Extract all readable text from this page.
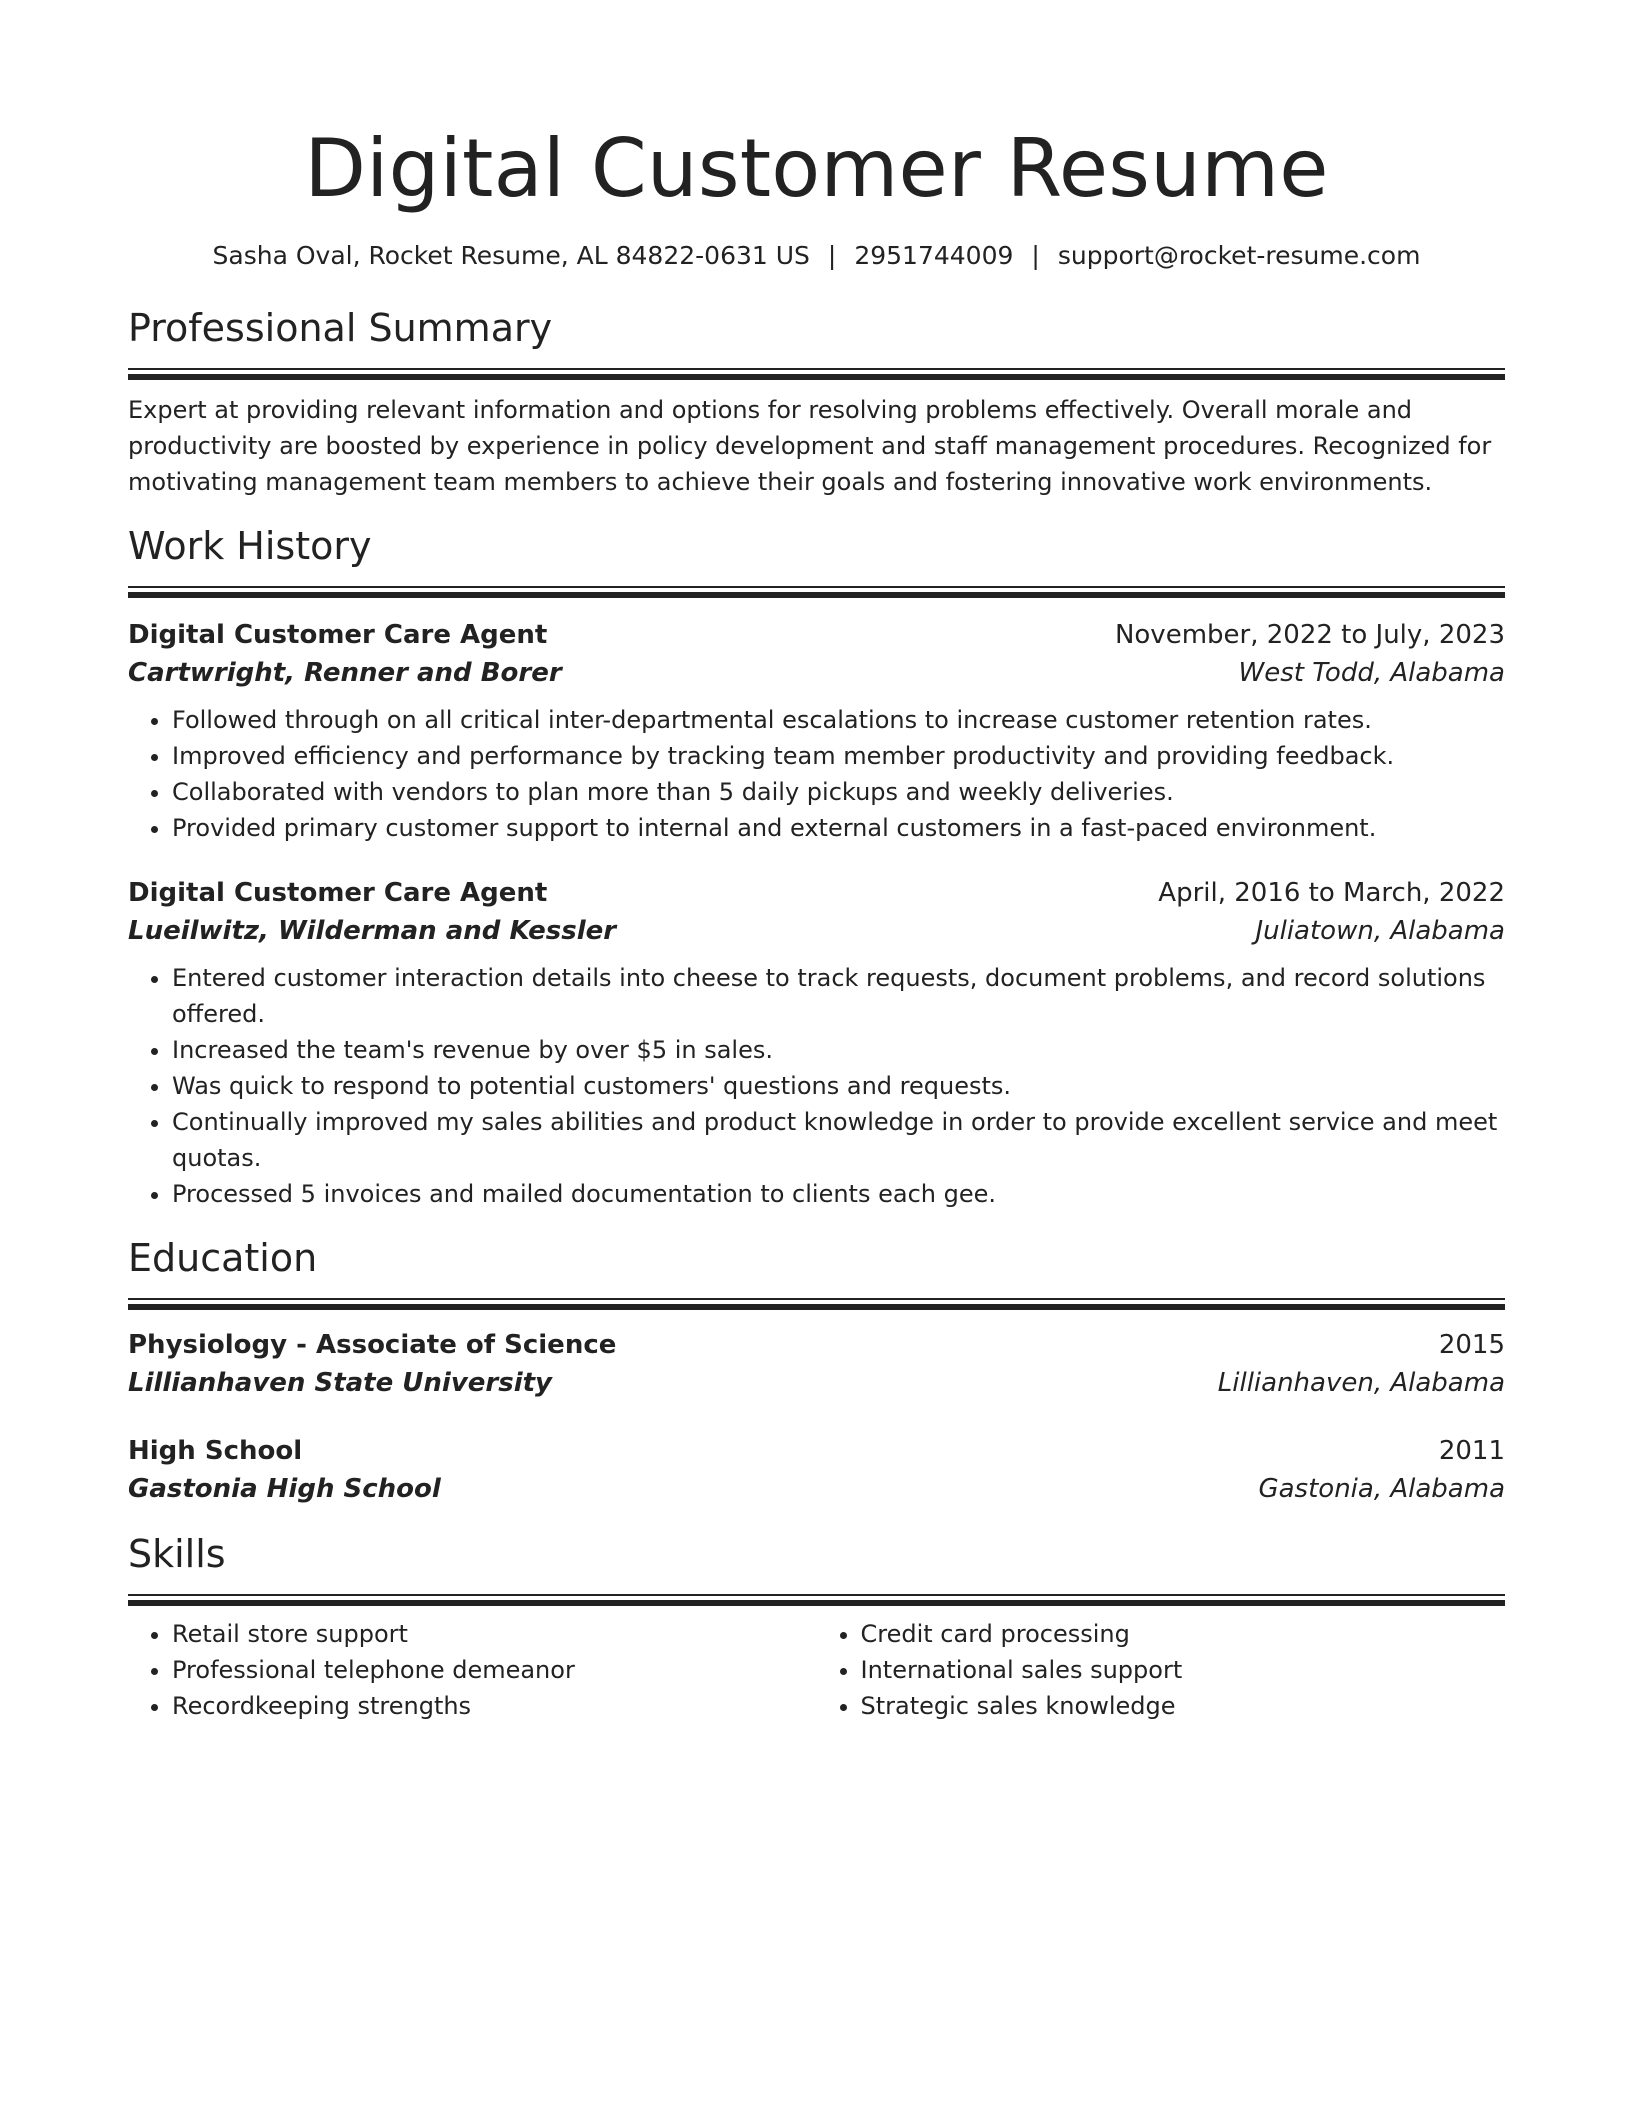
Digital Customer Resume
Sasha Oval, Rocket Resume, AL 84822-0631 US | 2951744009 | support@rocket-resume.com
Professional Summary

Expert at providing relevant information and options for resolving problems effectively. Overall morale and productivity are boosted by experience in policy development and staff management procedures. Recognized for motivating management team members to achieve their goals and fostering innovative work environments.

Work History
Digital Customer Care Agent	November, 2022 to July, 2023
Cartwright, Renner and Borer	West Todd, Alabama
• Followed through on all critical inter-departmental escalations to increase customer retention rates.
• Improved efficiency and performance by tracking team member productivity and providing feedback.
• Collaborated with vendors to plan more than 5 daily pickups and weekly deliveries.
• Provided primary customer support to internal and external customers in a fast-paced environment.
Digital Customer Care Agent	April, 2016 to March, 2022
Lueilwitz, Wilderman and Kessler	Juliatown, Alabama
• Entered customer interaction details into cheese to track requests, document problems, and record solutions offered.
• Increased the team's revenue by over $5 in sales.
• Was quick to respond to potential customers' questions and requests.
• Continually improved my sales abilities and product knowledge in order to provide excellent service and meet quotas.
• Processed 5 invoices and mailed documentation to clients each gee.
Education
Physiology - Associate of Science	2015
Lillianhaven State University	Lillianhaven, Alabama
High School	2011
Gastonia High School	Gastonia, Alabama
Skills
• Retail store support
• Professional telephone demeanor
• Recordkeeping strengths
• Credit card processing
• International sales support
• Strategic sales knowledge
